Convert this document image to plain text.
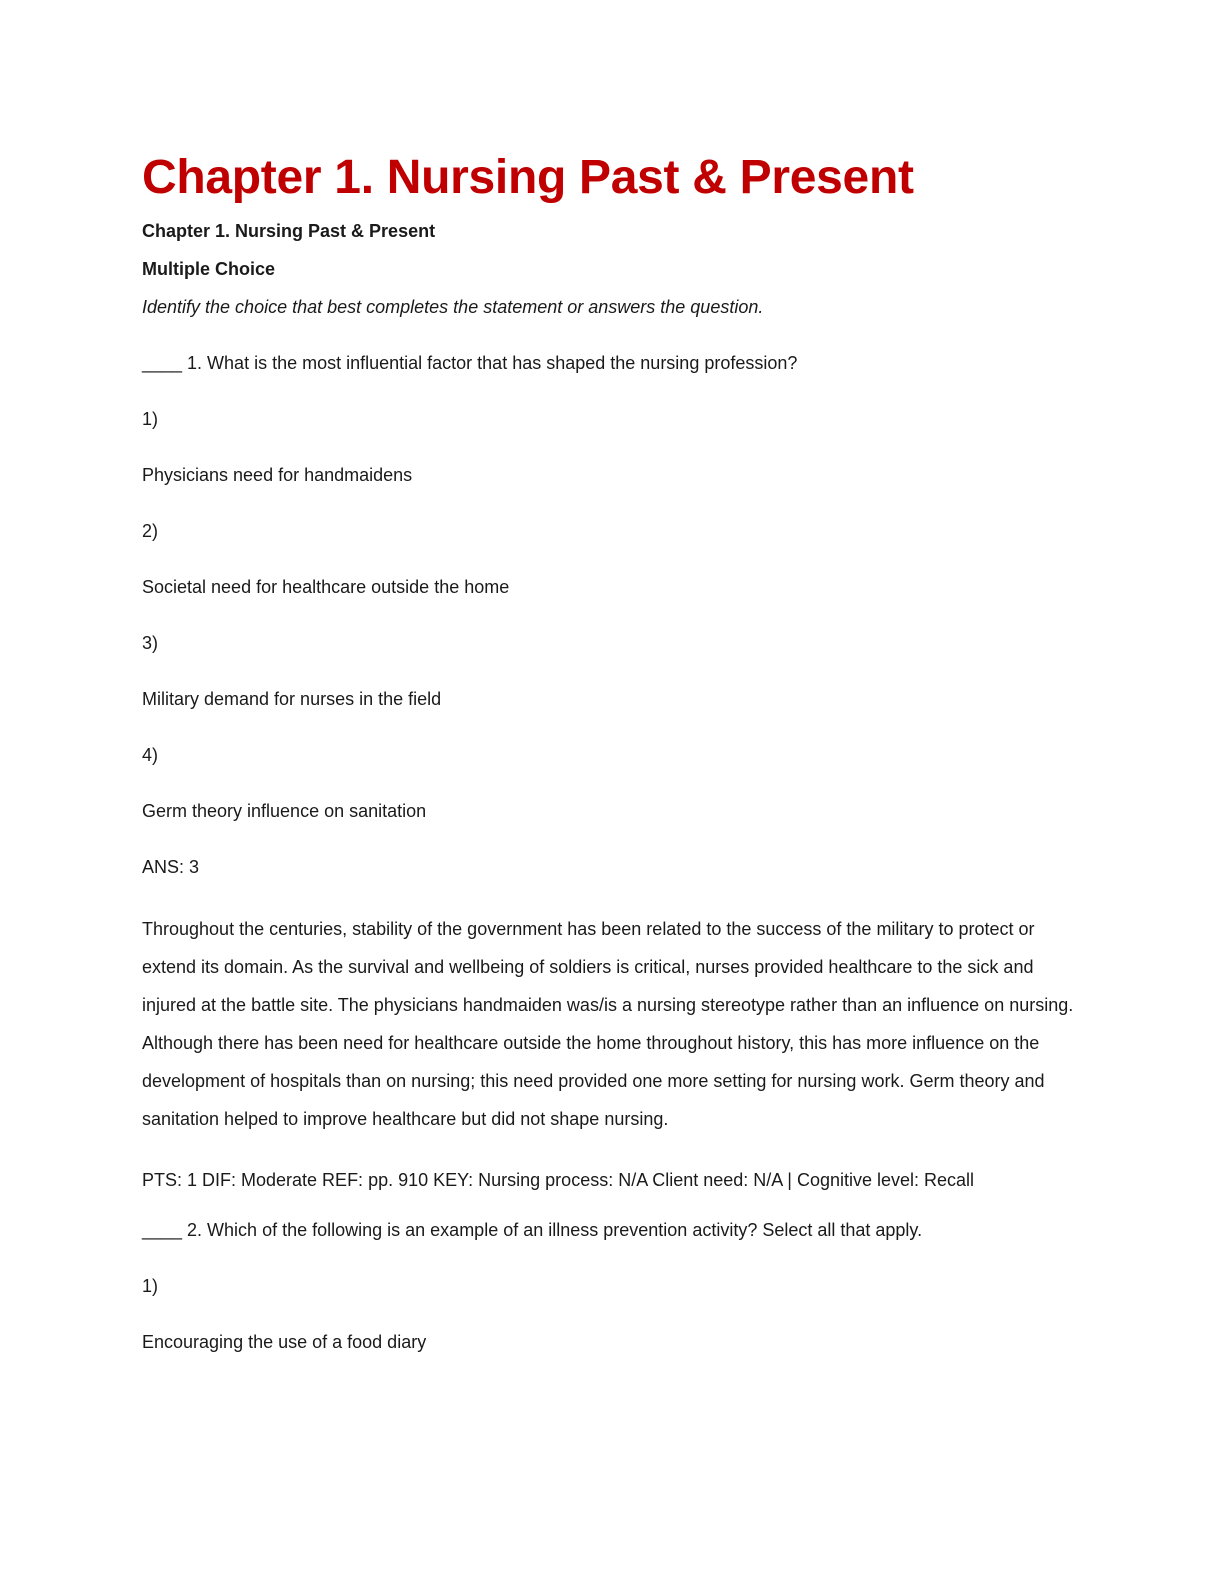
Chapter 1. Nursing Past & Present

Chapter 1. Nursing Past & Present

Multiple Choice

Identify the choice that best completes the statement or answers the question.

____ 1. What is the most influential factor that has shaped the nursing profession?

1)

Physicians need for handmaidens

2)

Societal need for healthcare outside the home

3)

Military demand for nurses in the field

4)

Germ theory influence on sanitation

ANS: 3

Throughout the centuries, stability of the government has been related to the success of the military to protect or extend its domain. As the survival and wellbeing of soldiers is critical, nurses provided healthcare to the sick and injured at the battle site. The physicians handmaiden was/is a nursing stereotype rather than an influence on nursing. Although there has been need for healthcare outside the home throughout history, this has more influence on the development of hospitals than on nursing; this need provided one more setting for nursing work. Germ theory and sanitation helped to improve healthcare but did not shape nursing.

PTS: 1 DIF: Moderate REF: pp. 910 KEY: Nursing process: N/A Client need: N/A | Cognitive level: Recall

____ 2. Which of the following is an example of an illness prevention activity? Select all that apply.

1)

Encouraging the use of a food diary
